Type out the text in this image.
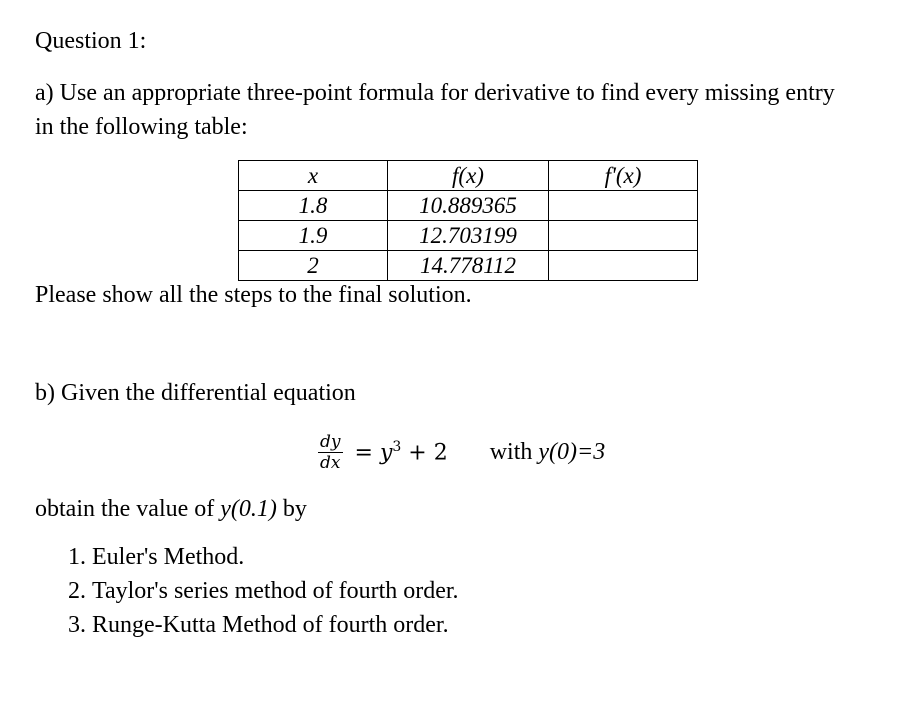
Question 1:
a) Use an appropriate three-point formula for derivative to find every missing entry in the following table:
x	f(x)	f'(x)
1.8	10.889365	
1.9	12.703199	
2	14.778112	
Please show all the steps to the final solution.
b) Given the differential equation
$\frac{dy}{dx} = y^3 + 2$ with y(0)=3
obtain the value of y(0.1) by
1. Euler's Method.
2. Taylor's series method of fourth order.
3. Runge-Kutta Method of fourth order.
